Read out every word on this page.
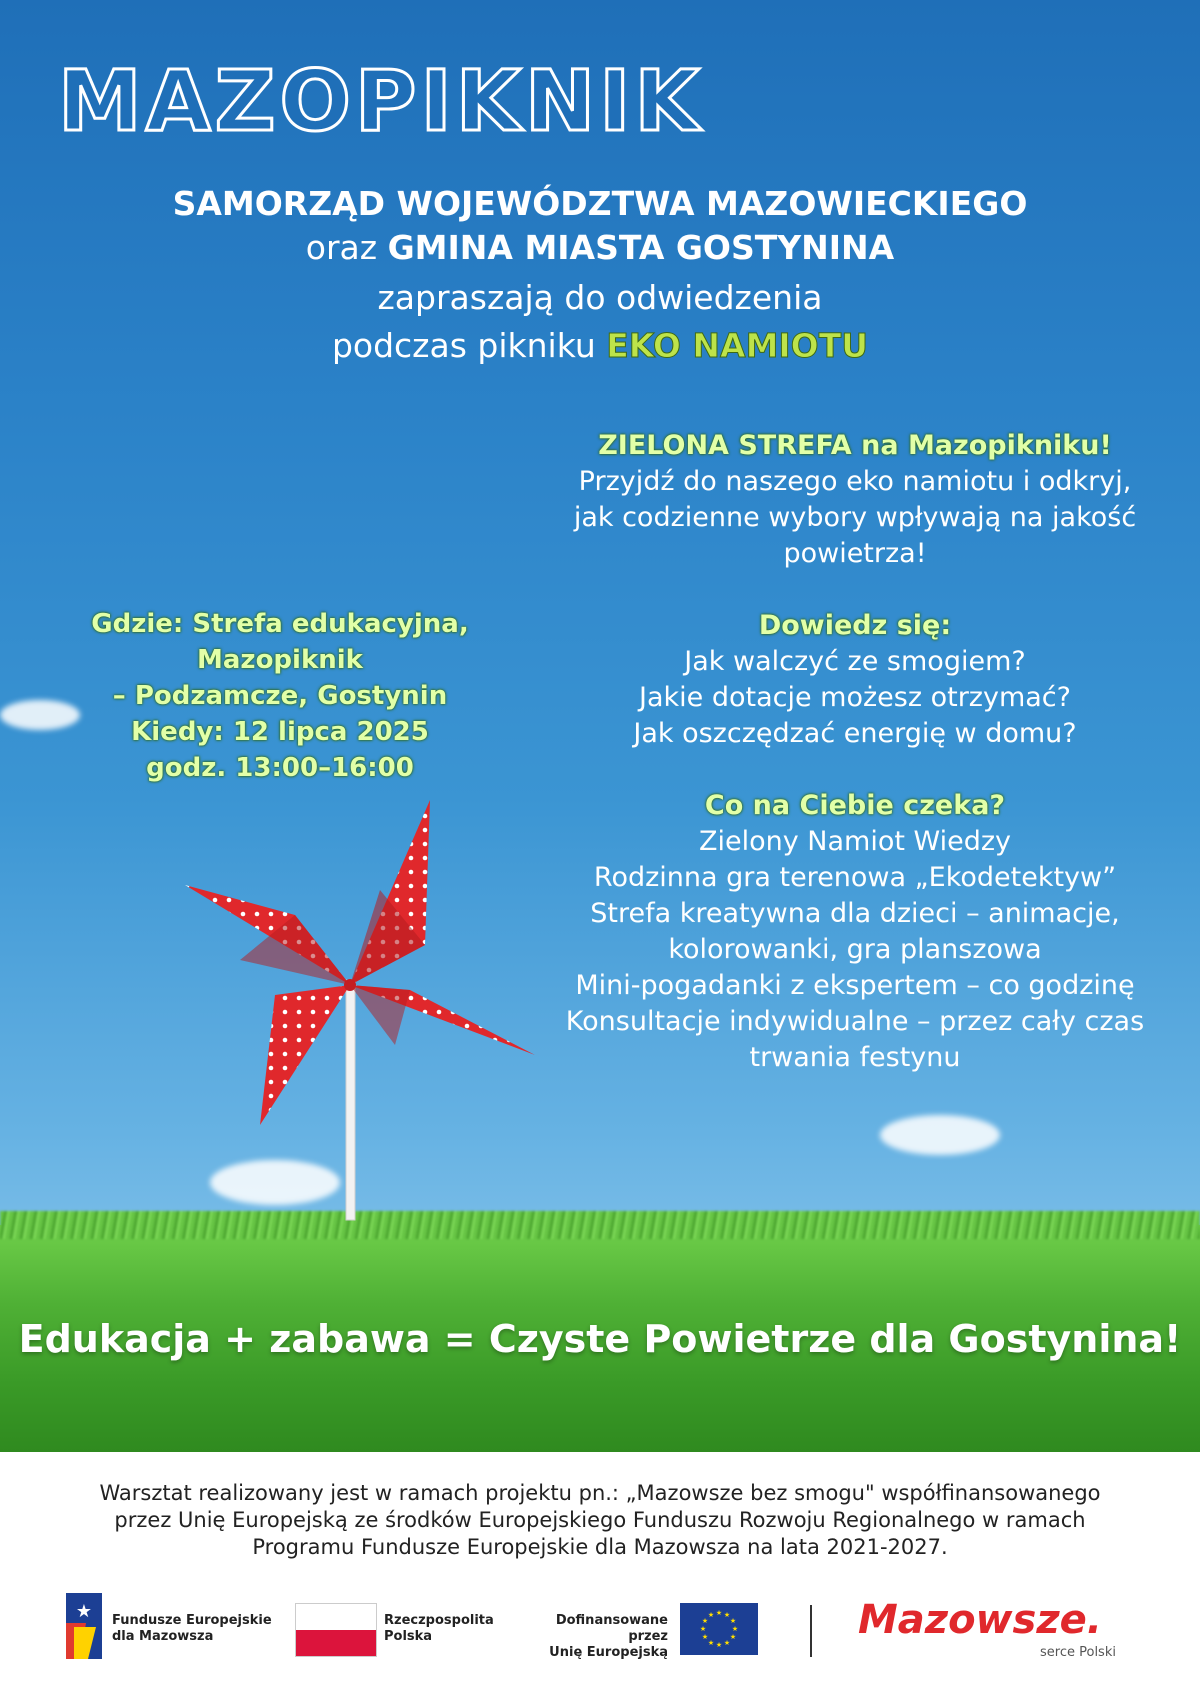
MAZOPIKNIK

SAMORZĄD WOJEWÓDZTWA MAZOWIECKIEGO

oraz GMINA MIASTA GOSTYNINA

zapraszają do odwiedzenia

podczas pikniku EKO NAMIOTU

ZIELONA STREFA na Mazopikniku!
Przyjdź do naszego eko namiotu i odkryj,
jak codzienne wybory wpływają na jakość
powietrza!
Dowiedz się:
Jak walczyć ze smogiem?
Jakie dotacje możesz otrzymać?
Jak oszczędzać energię w domu?
Co na Ciebie czeka?
Zielony Namiot Wiedzy
Rodzinna gra terenowa „Ekodetektyw”
Strefa kreatywna dla dzieci – animacje,
kolorowanki, gra planszowa
Mini-pogadanki z ekspertem – co godzinę
Konsultacje indywidualne – przez cały czas
trwania festynu
Gdzie: Strefa edukacyjna,
Mazopiknik
– Podzamcze, Gostynin
Kiedy: 12 lipca 2025
godz. 13:00–16:00

Edukacja + zabawa = Czyste Powietrze dla Gostynina!

Warsztat realizowany jest w ramach projektu pn.: „Mazowsze bez smogu" współfinansowanego
przez Unię Europejską ze środków Europejskiego Funduszu Rozwoju Regionalnego w ramach
Programu Fundusze Europejskie dla Mazowsza na lata 2021-2027.
★ Fundusze Europejskie
dla Mazowsza
Rzeczpospolita
Polska
Dofinansowane przez
Unię Europejską
★ ★
★
★
★
★
★
★
★
★
★
★	Mazowsze.
serce Polski
